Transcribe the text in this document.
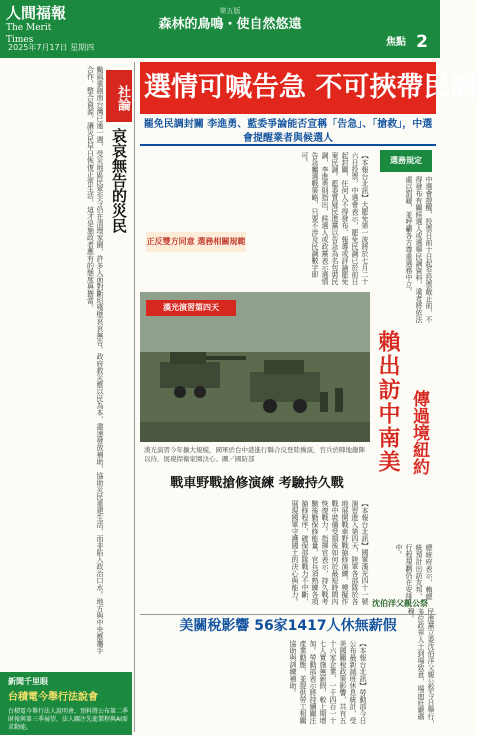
人間福報
The Merit Times
2025年7月17日 星期四
第五版
森林的鳥鳴・使自然悠遠
焦點 2
社論
哀哀無告的災民
颱風重創南台灣已逾一週，受災地區民眾至今仍在清理家園，許多人面對斷垣殘壁哀哀無告。政府救災應以民為本，盡速發放補助，協助災民重建生活，而非陷入政治口水。地方與中央應攜手合作，整合資源，讓災民早日恢復正常生活，這才是施政者應有的態度與擔當。
新聞千里眼
台積電今舉行法說會
台積電今舉行法人說明會，預料將公布第二季財報與第三季展望，法人關注先進製程與AI需求動能。
選情可喊告急 不可挾帶民調
罷免民調封關 李進勇、藍委爭論能否宣稱「告急」、「搶救」，中選會提醒業者與候選人
【本報台北訊】大罷免第一波將於七月二十六日投票，中選會表示，罷免民調已於前日起封關，任何人不得發布、報導或評論罷免案民調。藍委質疑民進黨以告急為名包裝民調，李進勇則指出，候選人或政黨表示選情告急屬選戰策略，只要不涉及民調數字即可。
正反雙方同意 選務相關規範
選務規定
中選會提醒，投票日前十日起至投票截止前，不得發布有關候選人或選舉民調資料，違者將依法處以罰鍰，並呼籲各方尊重選務中立。
漢光演習第四天
漢光演習今年擴大規模，國軍於台中港進行聯合反登陸操演，官兵於陣地嚴陣以待，展現捍衛家園決心。圖／國防部
戰車野戰搶修演練 考驗持久戰
【本報台北訊】國軍漢光四十一號演習進入第四天，陸軍各部隊於各地展開戰車野戰搶修演練，模擬作戰中裝備受損後如何於最短時間內恢復戰力。指揮官表示，持久戰考驗後勤保修能量，官兵須熟練各項搶修程序，確保部隊戰力不中斷，展現國軍守護國土的決心與能力。
賴出訪中南美 傳過境紐約
總統府表示，賴總統預計出訪友邦，行程規劃仍在安排中。
沈伯洋父親公祭
民進黨立委沈伯洋父親公祭今日舉行，多位政界人士到場致意，場面莊嚴肅穆。
美關稅影響 56家1417人休無薪假
【本報台北訊】勞動部今日公布最新減班休息統計，受美國關稅政策影響，共有五十六家企業、一千四百一十七人實施無薪假，較上期增加。勞動部表示將持續關注產業動態，並提供勞工相關協助與訓練補助。
